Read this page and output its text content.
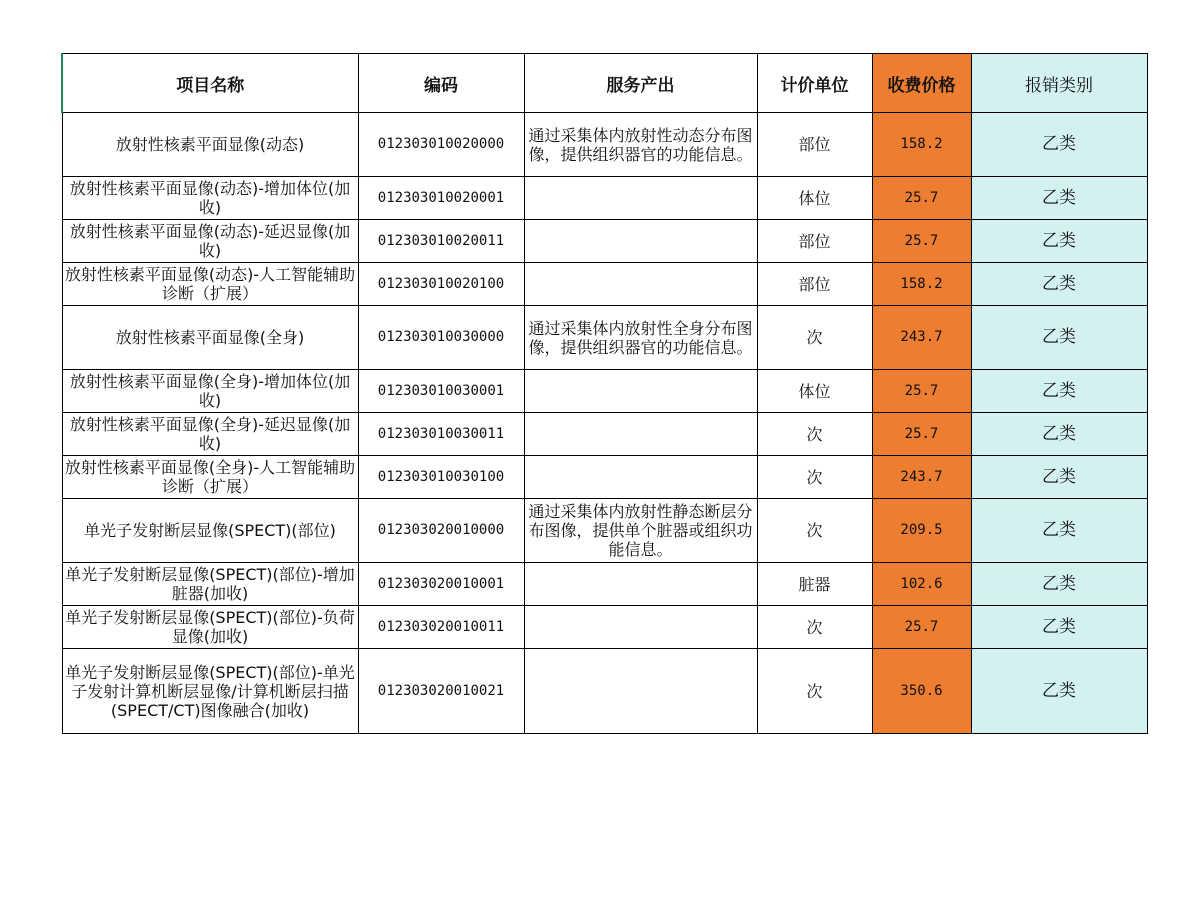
项目名称	编码	服务产出	计价单位	收费价格	报销类别
放射性核素平面显像(动态)	012303010020000	通过采集体内放射性动态分布图像，提供组织器官的功能信息。	部位	158.2	乙类
放射性核素平面显像(动态)-增加体位(加收)	012303010020001		体位	25.7	乙类
放射性核素平面显像(动态)-延迟显像(加收)	012303010020011		部位	25.7	乙类
放射性核素平面显像(动态)-人工智能辅助诊断（扩展）	012303010020100		部位	158.2	乙类
放射性核素平面显像(全身)	012303010030000	通过采集体内放射性全身分布图像，提供组织器官的功能信息。	次	243.7	乙类
放射性核素平面显像(全身)-增加体位(加收)	012303010030001		体位	25.7	乙类
放射性核素平面显像(全身)-延迟显像(加收)	012303010030011		次	25.7	乙类
放射性核素平面显像(全身)-人工智能辅助诊断（扩展）	012303010030100		次	243.7	乙类
单光子发射断层显像(SPECT)(部位)	012303020010000	通过采集体内放射性静态断层分布图像，提供单个脏器或组织功能信息。	次	209.5	乙类
单光子发射断层显像(SPECT)(部位)-增加脏器(加收)	012303020010001		脏器	102.6	乙类
单光子发射断层显像(SPECT)(部位)-负荷显像(加收)	012303020010011		次	25.7	乙类
单光子发射断层显像(SPECT)(部位)-单光子发射计算机断层显像/计算机断层扫描(SPECT/CT)图像融合(加收)	012303020010021		次	350.6	乙类
